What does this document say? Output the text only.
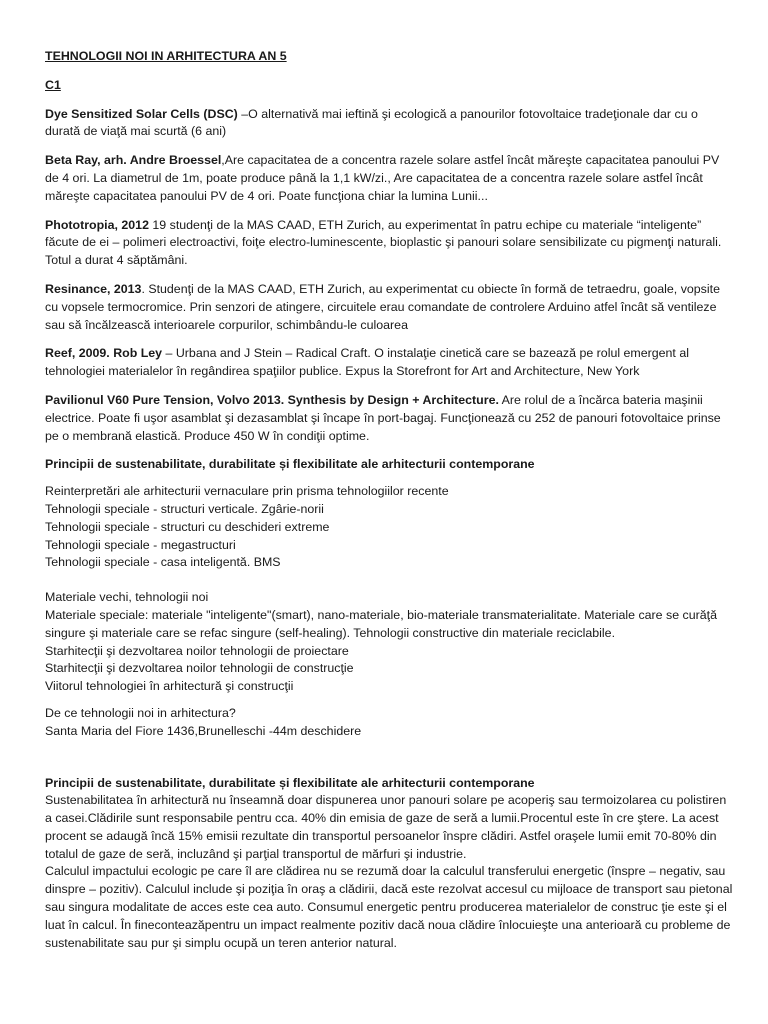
TEHNOLOGII NOI IN ARHITECTURA AN 5
C1

Dye Sensitized Solar Cells (DSC) –O alternativă mai ieftină şi ecologică a panourilor fotovoltaice tradeţionale dar cu o durată de viaţă mai scurtă (6 ani)

Beta Ray, arh. Andre Broessel,Are capacitatea de a concentra razele solare astfel încât măreşte capacitatea panoului PV de 4 ori. La diametrul de 1m, poate produce până la 1,1 kW/zi., Are capacitatea de a concentra razele solare astfel încât măreşte capacitatea panoului PV de 4 ori. Poate funcţiona chiar la lumina Lunii...

Phototropia, 2012 19 studenţi de la MAS CAAD, ETH Zurich, au experimentat în patru echipe cu materiale “inteligente” făcute de ei – polimeri electroactivi, foiţe electro-luminescente, bioplastic şi panouri solare sensibilizate cu pigmenţi naturali. Totul a durat 4 săptămâni.

Resinance, 2013. Studenţi de la MAS CAAD, ETH Zurich, au experimentat cu obiecte în formă de tetraedru, goale, vopsite cu vopsele termocromice. Prin senzori de atingere, circuitele erau comandate de controlere Arduino atfel încât să ventileze sau să încălzească interioarele corpurilor, schimbându-le culoarea

Reef, 2009. Rob Ley – Urbana and J Stein – Radical Craft. O instalaţie cinetică care se bazează pe rolul emergent al tehnologiei materialelor în regândirea spaţiilor publice. Expus la Storefront for Art and Architecture, New York

Pavilionul V60 Pure Tension, Volvo 2013. Synthesis by Design + Architecture. Are rolul de a încărca bateria maşinii electrice. Poate fi uşor asamblat şi dezasamblat şi încape în port-bagaj. Funcţionează cu 252 de panouri fotovoltaice prinse pe o membrană elastică. Produce 450 W în condiţii optime.

Principii de sustenabilitate, durabilitate și flexibilitate ale arhitecturii contemporane

Reinterpretări ale arhitecturii vernaculare prin prisma tehnologiilor recente

Tehnologii speciale - structuri verticale. Zgârie-norii

Tehnologii speciale - structuri cu deschideri extreme

Tehnologii speciale - megastructuri

Tehnologii speciale - casa inteligentă. BMS

Materiale vechi, tehnologii noi

Materiale speciale: materiale "inteligente"(smart), nano-materiale, bio-materiale transmaterialitate. Materiale care se curăţă singure şi materiale care se refac singure (self-healing). Tehnologii constructive din materiale reciclabile.

Starhitecţii şi dezvoltarea noilor tehnologii de proiectare

Starhitecţii şi dezvoltarea noilor tehnologii de construcţie

Viitorul tehnologiei în arhitectură şi construcţii

De ce tehnologii noi in arhitectura?

Santa Maria del Fiore 1436,Brunelleschi -44m deschidere

Principii de sustenabilitate, durabilitate și flexibilitate ale arhitecturii contemporane

Sustenabilitatea în arhitectură nu înseamnă doar dispunerea unor panouri solare pe acoperiş sau termoizolarea cu polistiren a casei.Clădirile sunt responsabile pentru cca. 40% din emisia de gaze de seră a lumii.Procentul este în cre ştere. La acest procent se adaugă încă 15% emisii rezultate din transportul persoanelor înspre clădiri. Astfel oraşele lumii emit 70-80% din totalul de gaze de seră, incluzând şi parţial transportul de mărfuri şi industrie.

Calculul impactului ecologic pe care îl are clădirea nu se rezumă doar la calculul transferului energetic (înspre – negativ, sau dinspre – pozitiv). Calculul include şi poziţia în oraş a clădirii, dacă este rezolvat accesul cu mijloace de transport sau pietonal sau singura modalitate de acces este cea auto. Consumul energetic pentru producerea materialelor de construc ţie este şi el luat în calcul. În fineconteazăpentru un impact realmente pozitiv dacă noua clădire înlocuieşte una anterioară cu probleme de sustenabilitate sau pur şi simplu ocupă un teren anterior natural.
